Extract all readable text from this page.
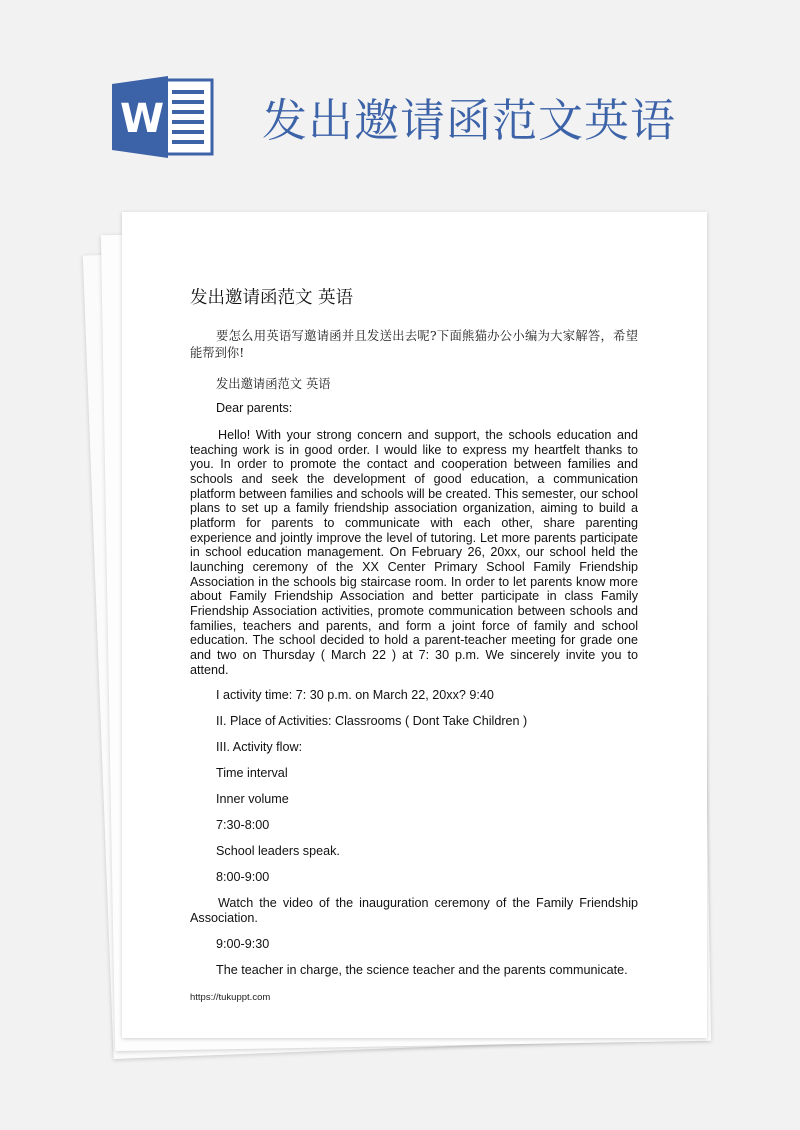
W 发出邀请函范文英语
发出邀请函范文 英语
要怎么用英语写邀请函并且发送出去呢?下面熊猫办公小编为大家解答，希望能帮到你!
发出邀请函范文 英语
Dear parents:
Hello! With your strong concern and support, the schools education and teaching work is in good order. I would like to express my heartfelt thanks to you. In order to promote the contact and cooperation between families and schools and seek the development of good education, a communication platform between families and schools will be created. This semester, our school plans to set up a family friendship association organization, aiming to build a platform for parents to communicate with each other, share parenting experience and jointly improve the level of tutoring. Let more parents participate in school education management. On February 26, 20xx, our school held the launching ceremony of the XX Center Primary School Family Friendship Association in the schools big staircase room. In order to let parents know more about Family Friendship Association and better participate in class Family Friendship Association activities, promote communication between schools and families, teachers and parents, and form a joint force of family and school education. The school decided to hold a parent-teacher meeting for grade one and two on Thursday ( March 22 ) at 7: 30 p.m. We sincerely invite you to attend.
I activity time: 7: 30 p.m. on March 22, 20xx? 9:40
II. Place of Activities: Classrooms ( Dont Take Children )
III. Activity flow:
Time interval
Inner volume
7:30-8:00
School leaders speak.
8:00-9:00
Watch the video of the inauguration ceremony of the Family Friendship Association.
9:00-9:30
The teacher in charge, the science teacher and the parents communicate.
https://tukuppt.com
